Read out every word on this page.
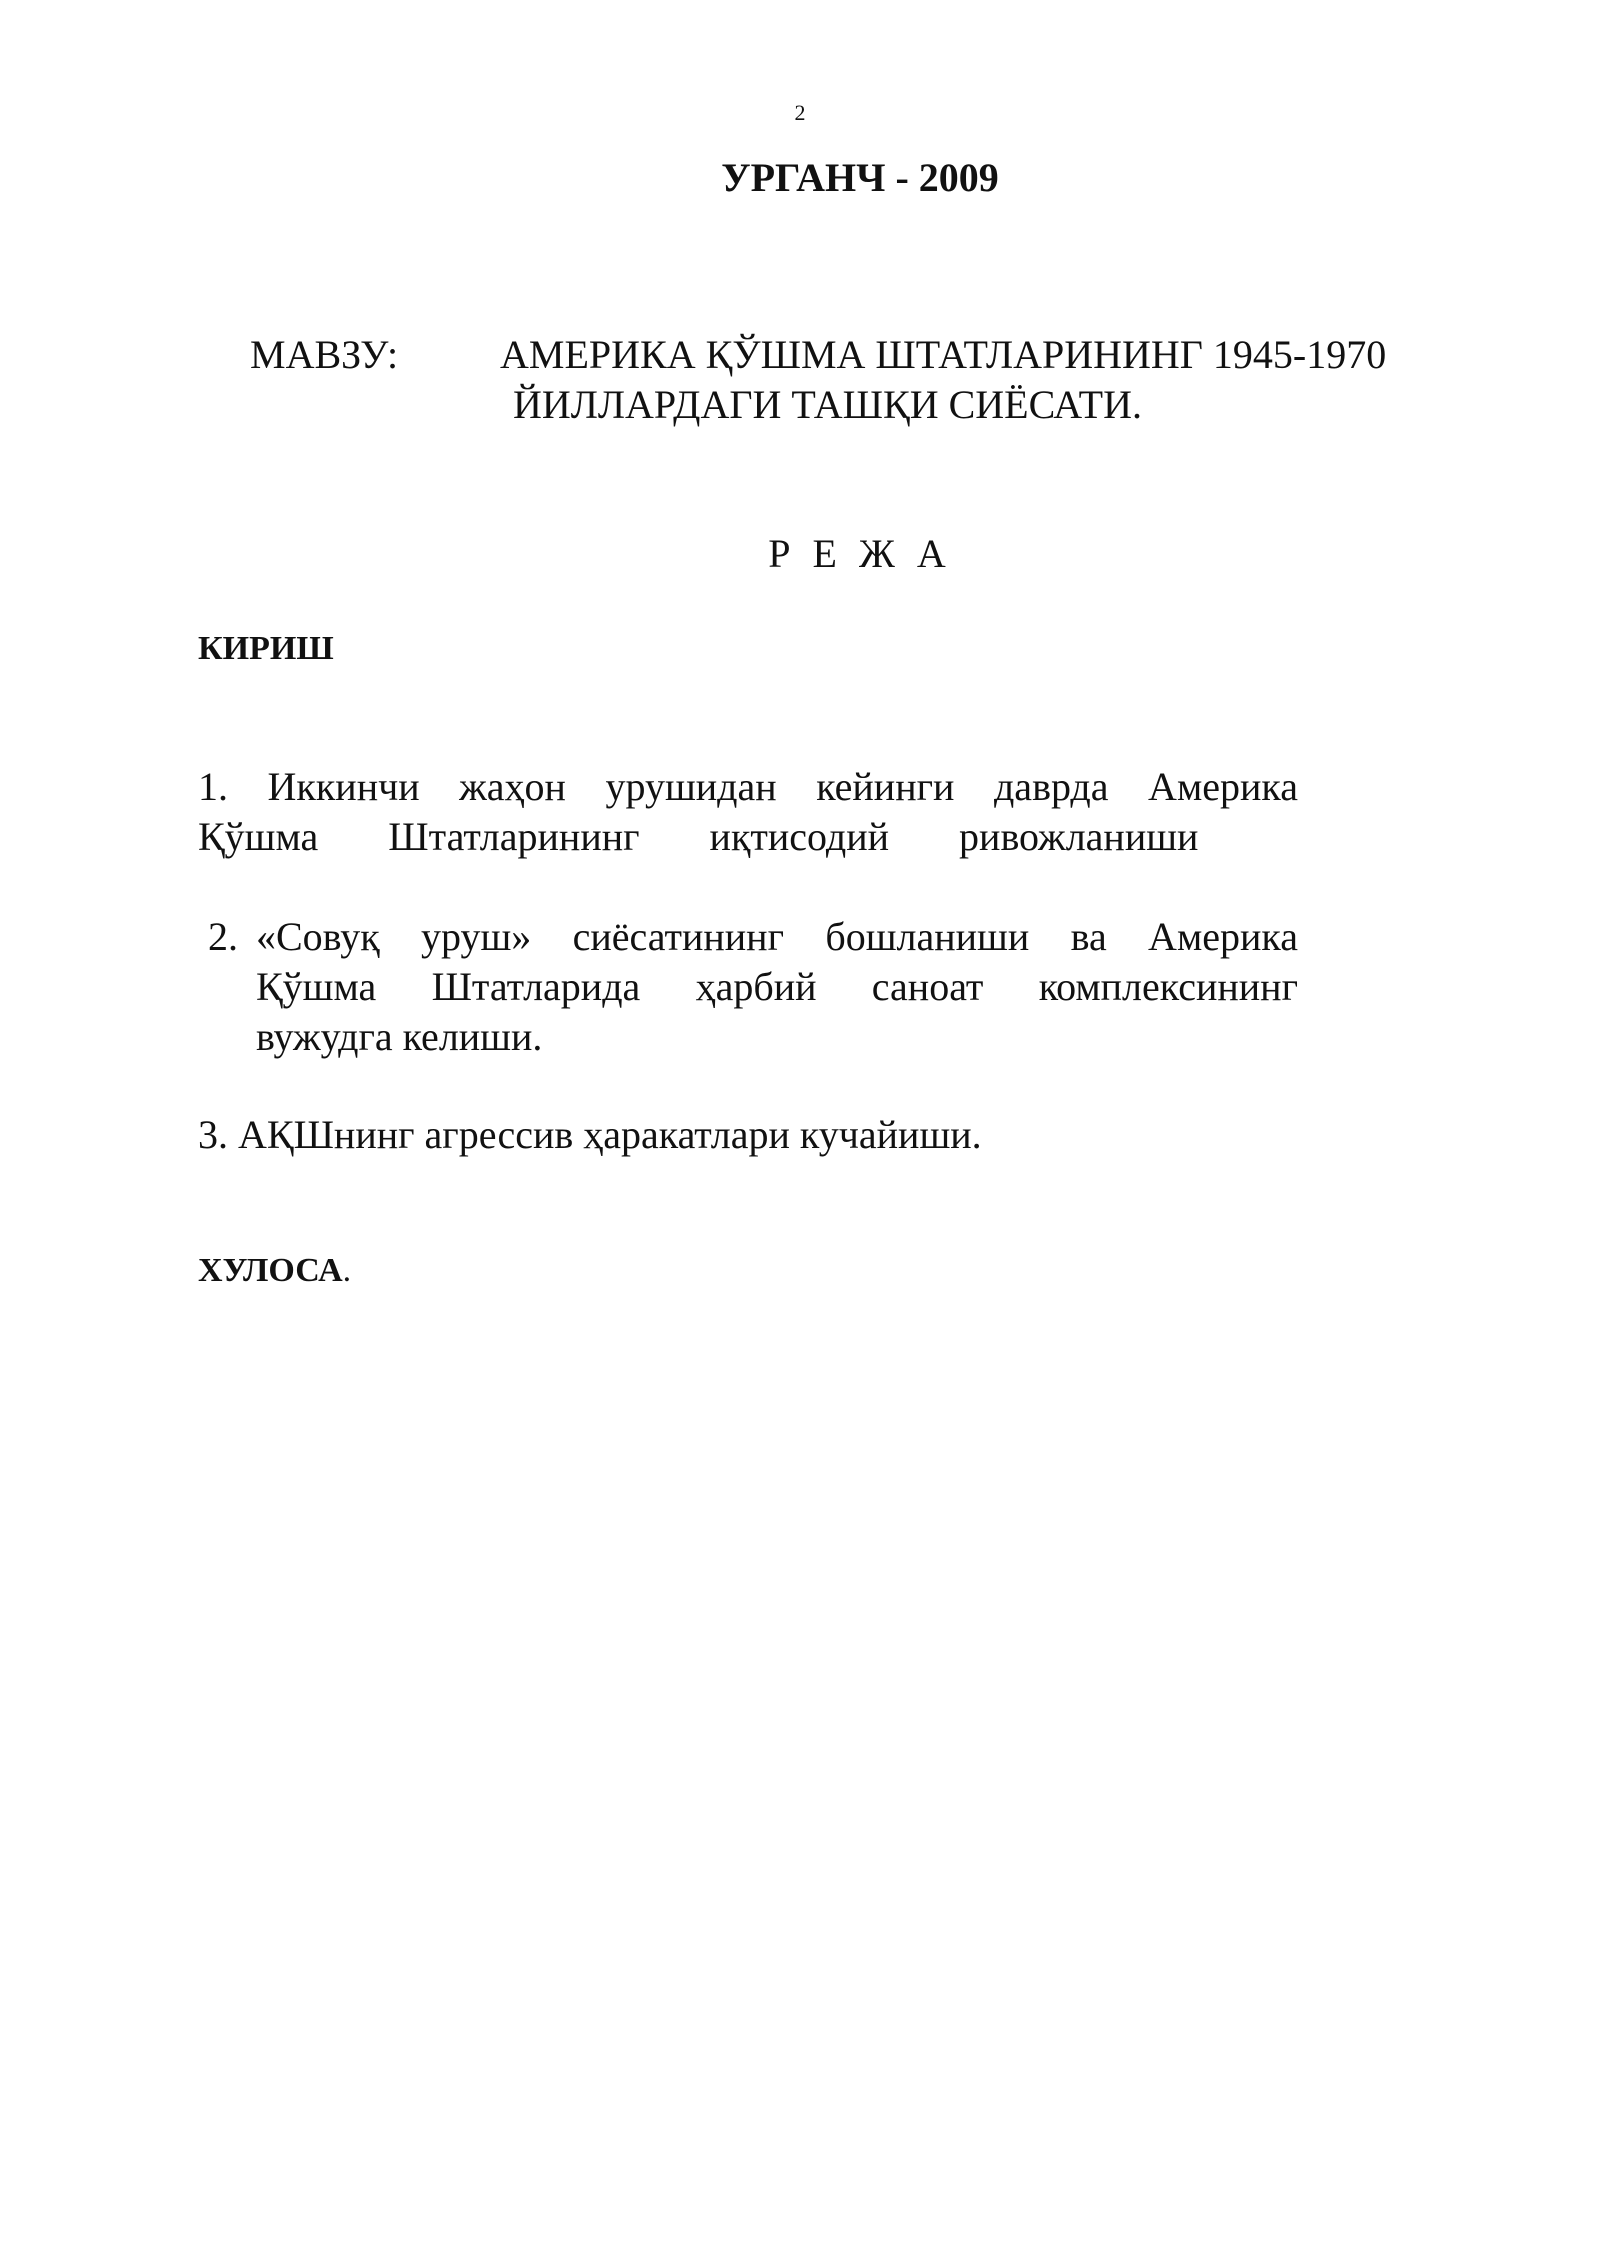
2
УРГАНЧ - 2009
МАВЗУ:	АМЕРИКА ҚЎШМА ШТАТЛАРИНИНГ 1945-1970
ЙИЛЛАРДАГИ ТАШҚИ СИЁСАТИ.
Р Е Ж А
КИРИШ
1. Иккинчи жаҳон урушидан кейинги даврда Америка
Қўшма Штатларининг иқтисодий ривожланиши
2. «Совуқ уруш» сиёсатининг бошланиши ва Америка
Қўшма Штатларида ҳарбий саноат комплексининг
вужудга келиши.
3. АҚШнинг агрессив ҳаракатлари кучайиши.
ХУЛОСА.
